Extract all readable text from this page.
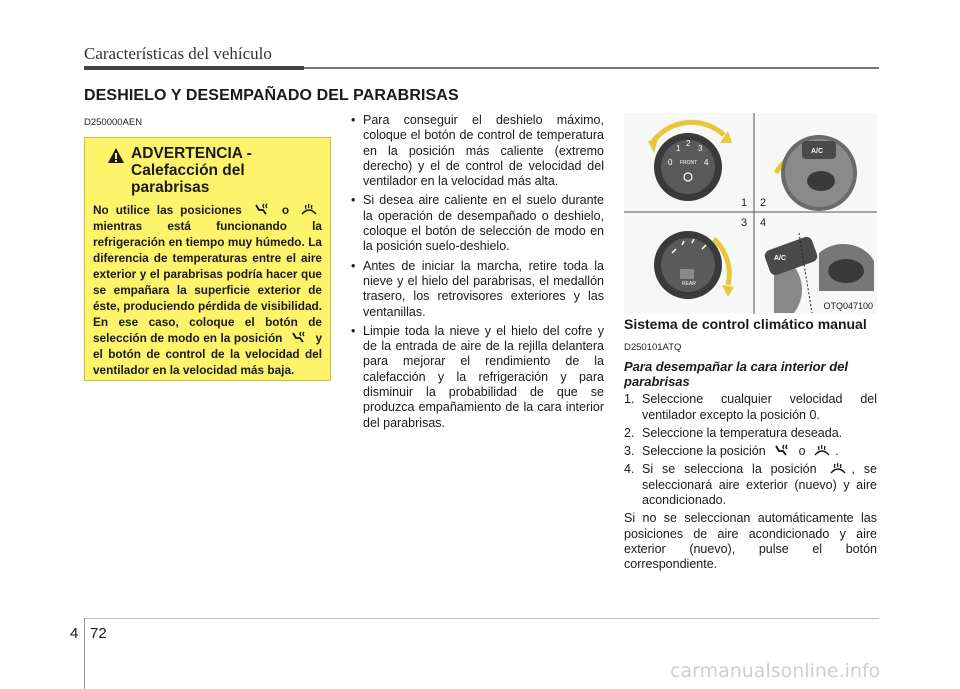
Características del vehículo
DESHIELO Y DESEMPAÑADO DEL PARABRISAS
D250000AEN
ADVERTENCIA -
Calefacción del parabrisas
No utilice las posiciones	o  mientras está funcionando la refrigeración en tiempo muy húmedo. La diferencia de temperaturas entre el aire exterior y el parabrisas podría hacer que se empañara la superficie exterior de éste, produciendo pérdida de visibilidad. En ese caso, coloque el botón de selección de modo en la posición	y el botón de control de la velocidad del ventilador en la velocidad más baja.
• Para conseguir el deshielo máximo, coloque el botón de control de temperatura en la posición más caliente (extremo derecho) y el de control de velocidad del ventilador en la velocidad más alta.
• Si desea aire caliente en el suelo durante la operación de desempañado o deshielo, coloque el botón de selección de modo en la posición suelo-deshielo.
• Antes de iniciar la marcha, retire toda la nieve y el hielo del parabrisas, el medallón trasero, los retrovisores exteriores y las ventanillas.
• Limpie toda la nieve y el hielo del cofre y de la entrada de aire de la rejilla delantera para mejorar el rendimiento de la calefacción y la refrigeración y para disminuir la probabilidad de que se produzca empañamiento de la cara interior del parabrisas.
1
2
3
0	4
FRONT
A/C
1 2
3 4
REAR
A/C
OTQ047100
Sistema de control climático manual
D250101ATQ
Para desempañar la cara interior del parabrisas
1. Seleccione cualquier velocidad del ventilador excepto la posición 0.
2. Seleccione la temperatura deseada.
3. Seleccione la posición	o .
4. Si se selecciona la posición	, se seleccionará aire exterior (nuevo) y aire acondicionado.
Si no se seleccionan automáticamente las posiciones de aire acondicionado y aire exterior (nuevo), pulse el botón correspondiente.
4 72
carmanualsonline.info
